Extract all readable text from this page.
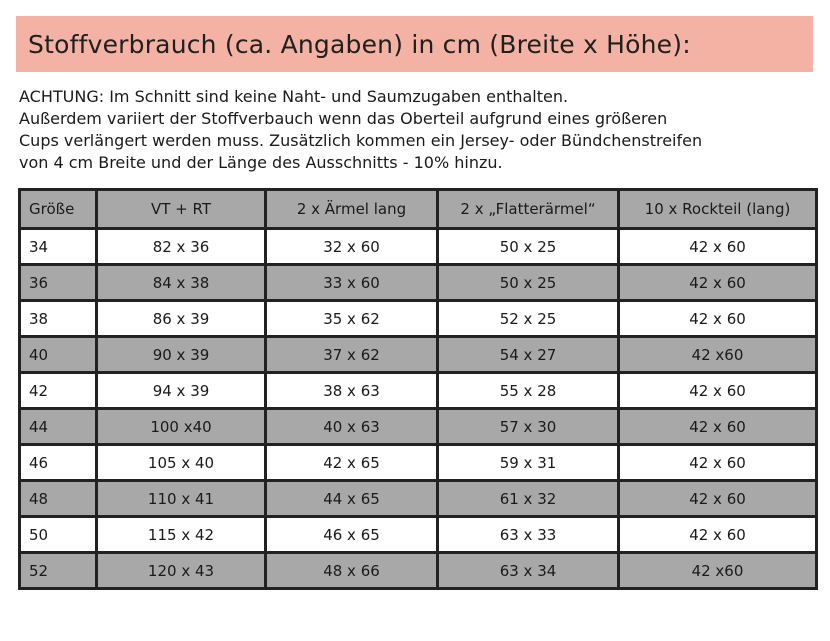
Stoffverbrauch (ca. Angaben) in cm (Breite x Höhe):
ACHTUNG: Im Schnitt sind keine Naht- und Saumzugaben enthalten.
Außerdem variiert der Stoffverbauch wenn das Oberteil aufgrund eines größeren
Cups verlängert werden muss. Zusätzlich kommen ein Jersey- oder Bündchenstreifen
von 4 cm Breite und der Länge des Ausschnitts - 10% hinzu.
Größe	VT + RT	2 x Ärmel lang	2 x „Flatterärmel“	10 x Rockteil (lang)
34	82 x 36	32 x 60	50 x 25	42 x 60
36	84 x 38	33 x 60	50 x 25	42 x 60
38	86 x 39	35 x 62	52 x 25	42 x 60
40	90 x 39	37 x 62	54 x 27	42 x60
42	94 x 39	38 x 63	55 x 28	42 x 60
44	100 x40	40 x 63	57 x 30	42 x 60
46	105 x 40	42 x 65	59 x 31	42 x 60
48	110 x 41	44 x 65	61 x 32	42 x 60
50	115 x 42	46 x 65	63 x 33	42 x 60
52	120 x 43	48 x 66	63 x 34	42 x60
